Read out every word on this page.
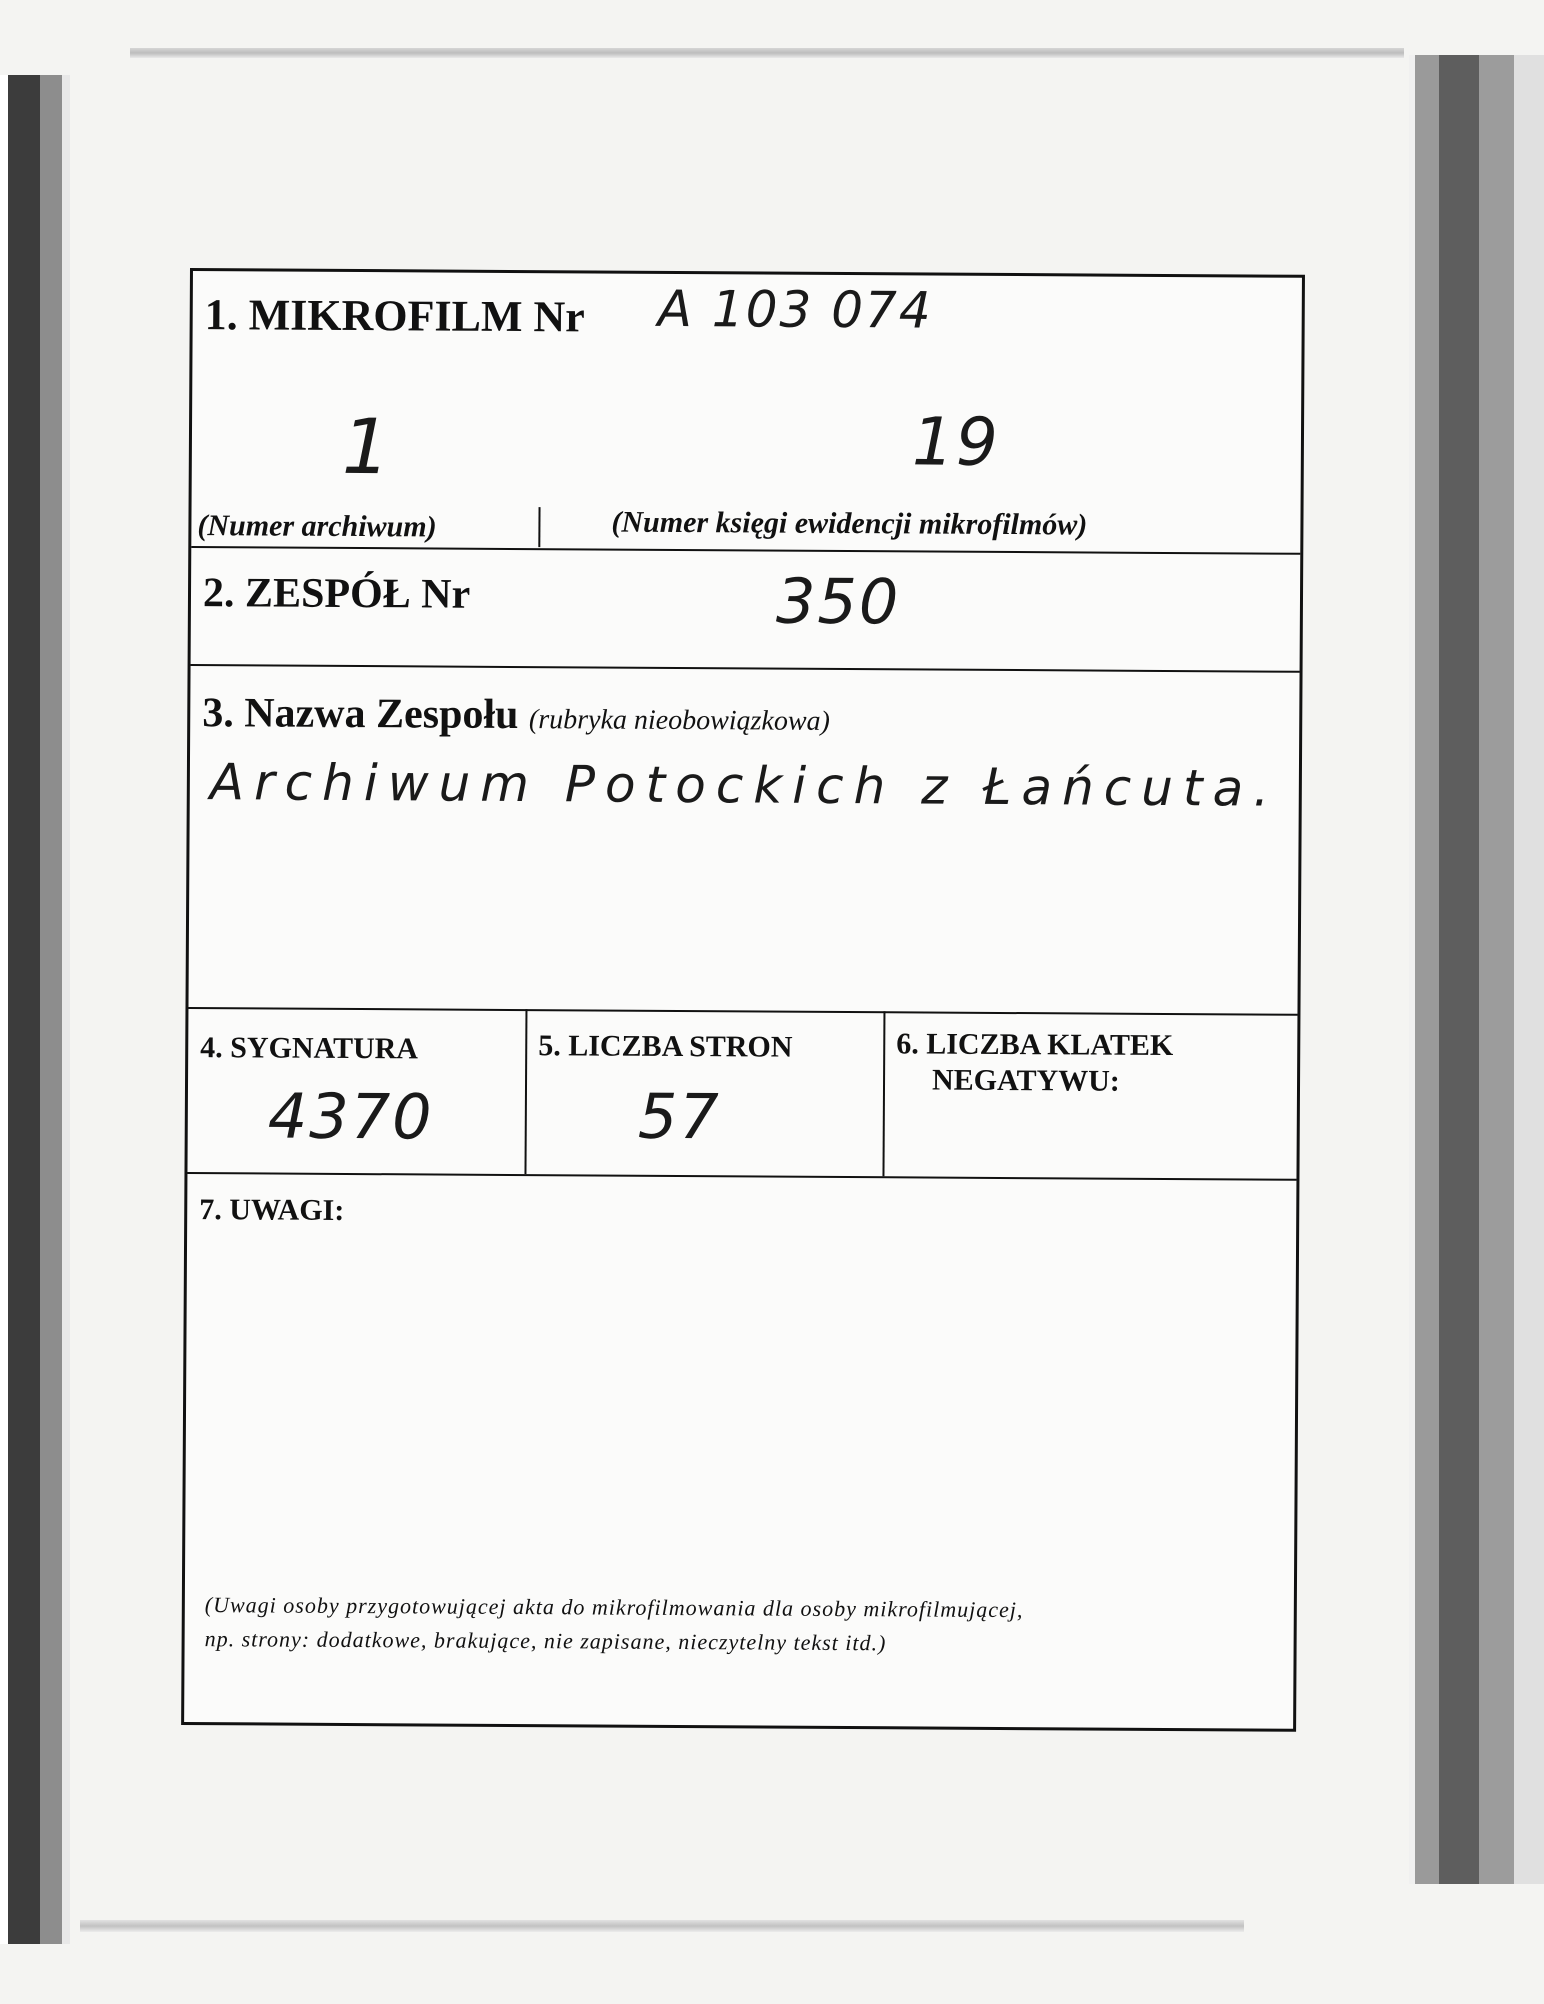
1. MIKROFILM Nr A 103 074
1	19
(Numer archiwum)	(Numer księgi ewidencji mikrofilmów)
2. ZESPÓŁ Nr	350
3. Nazwa Zespołu (rubryka nieobowiązkowa)
Archiwum Potockich z Łańcuta.
4. SYGNATURA
4370
5. LICZBA STRON
57
6. LICZBA KLATEK
NEGATYWU:
7. UWAGI:
(Uwagi osoby przygotowującej akta do mikrofilmowania dla osoby mikrofilmującej,
np. strony: dodatkowe, brakujące, nie zapisane, nieczytelny tekst itd.)
